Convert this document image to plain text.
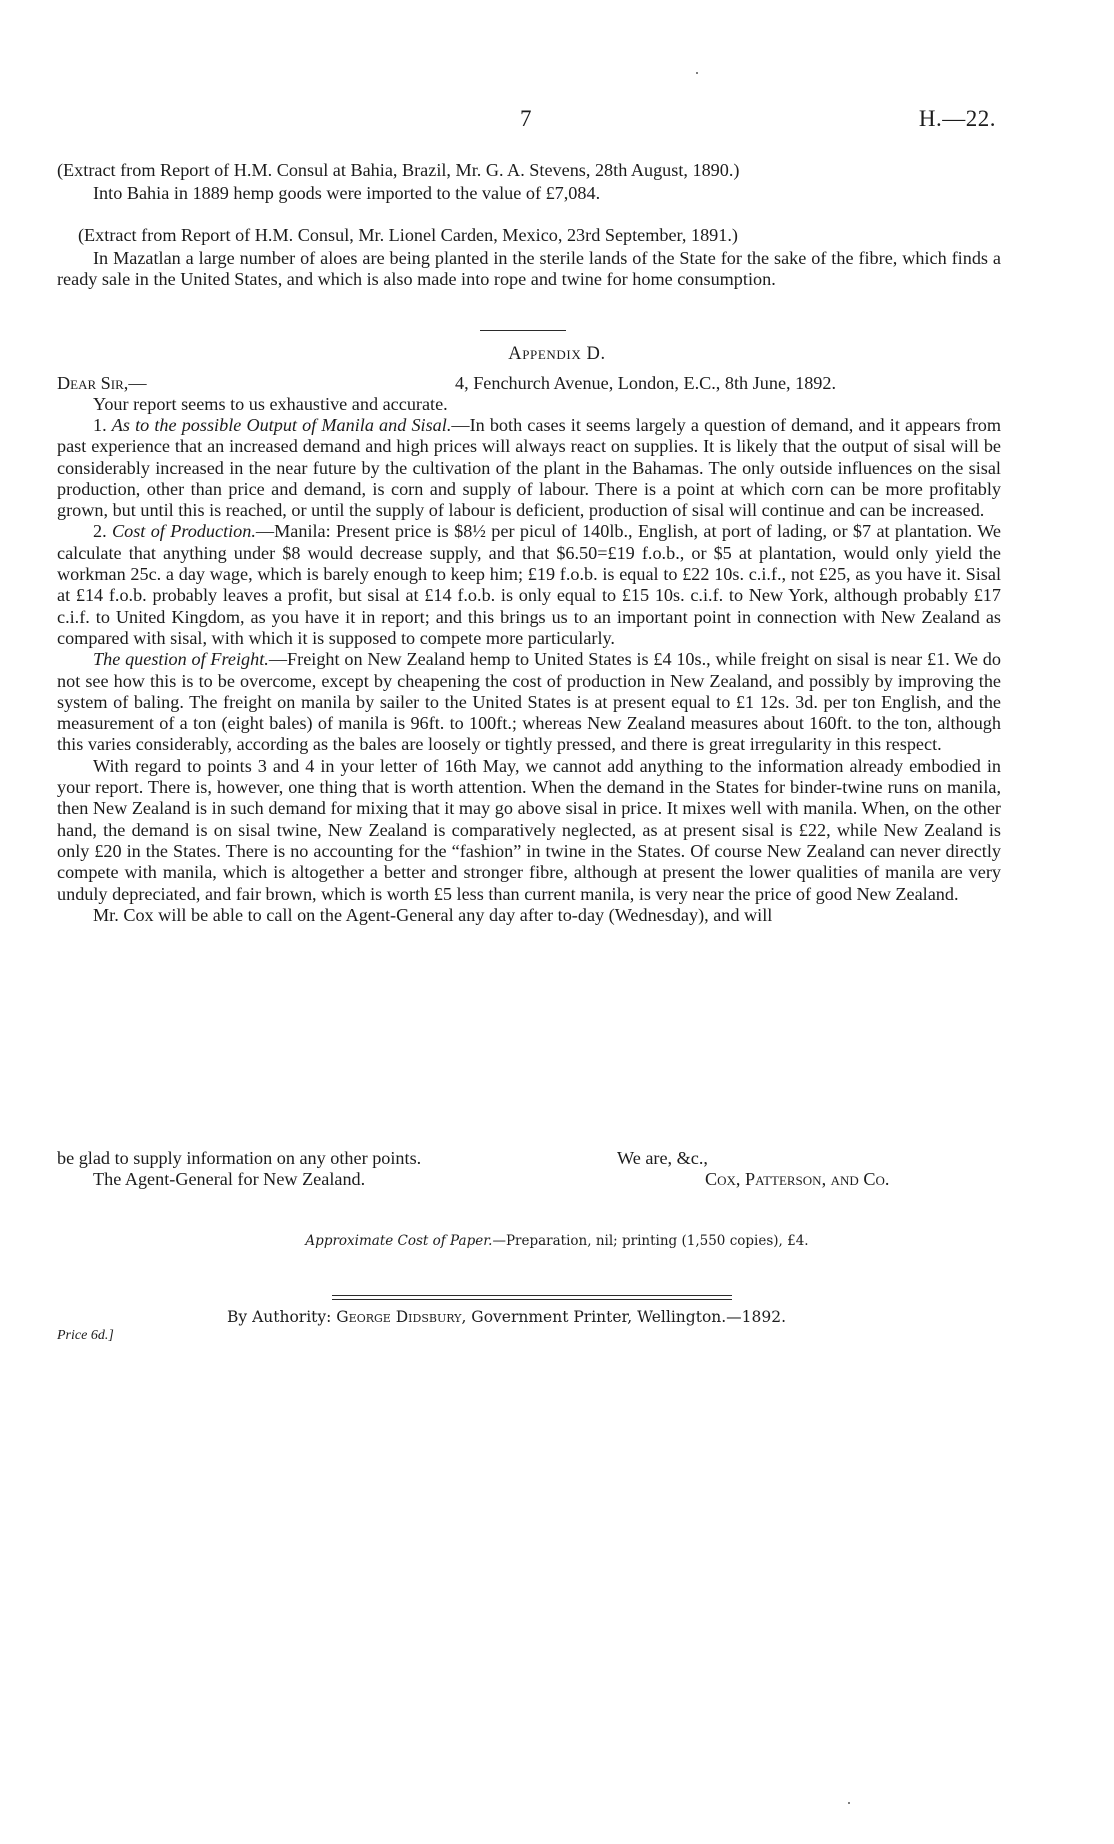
7	H.—22.
(Extract from Report of H.M. Consul at Bahia, Brazil, Mr. G. A. Stevens, 28th August, 1890.)
Into Bahia in 1889 hemp goods were imported to the value of £7,084.
(Extract from Report of H.M. Consul, Mr. Lionel Carden, Mexico, 23rd September, 1891.)

In Mazatlan a large number of aloes are being planted in the sterile lands of the State for the sake of the fibre, which finds a ready sale in the United States, and which is also made into rope and twine for home consumption.

Appendix D.
Dear Sir,—	4, Fenchurch Avenue, London, E.C., 8th June, 1892.
Your report seems to us exhaustive and accurate.

1. As to the possible Output of Manila and Sisal.—In both cases it seems largely a question of demand, and it appears from past experience that an increased demand and high prices will always react on supplies. It is likely that the output of sisal will be considerably increased in the near future by the cultivation of the plant in the Bahamas. The only outside influences on the sisal production, other than price and demand, is corn and supply of labour. There is a point at which corn can be more profitably grown, but until this is reached, or until the supply of labour is deficient, production of sisal will continue and can be increased.

2. Cost of Production.—Manila: Present price is $8½ per picul of 140lb., English, at port of lading, or $7 at plantation. We calculate that anything under $8 would decrease supply, and that $6.50=£19 f.o.b., or $5 at plantation, would only yield the workman 25c. a day wage, which is barely enough to keep him; £19 f.o.b. is equal to £22 10s. c.i.f., not £25, as you have it. Sisal at £14 f.o.b. probably leaves a profit, but sisal at £14 f.o.b. is only equal to £15 10s. c.i.f. to New York, although probably £17 c.i.f. to United Kingdom, as you have it in report; and this brings us to an important point in connection with New Zealand as compared with sisal, with which it is supposed to compete more particularly.

The question of Freight.—Freight on New Zealand hemp to United States is £4 10s., while freight on sisal is near £1. We do not see how this is to be overcome, except by cheapening the cost of production in New Zealand, and possibly by improving the system of baling. The freight on manila by sailer to the United States is at present equal to £1 12s. 3d. per ton English, and the measurement of a ton (eight bales) of manila is 96ft. to 100ft.; whereas New Zealand measures about 160ft. to the ton, although this varies considerably, according as the bales are loosely or tightly pressed, and there is great irregularity in this respect.

With regard to points 3 and 4 in your letter of 16th May, we cannot add anything to the information already embodied in your report. There is, however, one thing that is worth attention. When the demand in the States for binder-twine runs on manila, then New Zealand is in such demand for mixing that it may go above sisal in price. It mixes well with manila. When, on the other hand, the demand is on sisal twine, New Zealand is comparatively neglected, as at present sisal is £22, while New Zealand is only £20 in the States. There is no accounting for the “fashion” in twine in the States. Of course New Zealand can never directly compete with manila, which is altogether a better and stronger fibre, although at present the lower qualities of manila are very unduly depreciated, and fair brown, which is worth £5 less than current manila, is very near the price of good New Zealand.

Mr. Cox will be able to call on the Agent-General any day after to-day (Wednesday), and will

be glad to supply information on any other points.	We are, &c.,
The Agent-General for New Zealand.	Cox, Patterson, and Co.
Approximate Cost of Paper.—Preparation, nil; printing (1,550 copies), £4.
By Authority: George Didsbury, Government Printer, Wellington.—1892.
Price 6d.]
